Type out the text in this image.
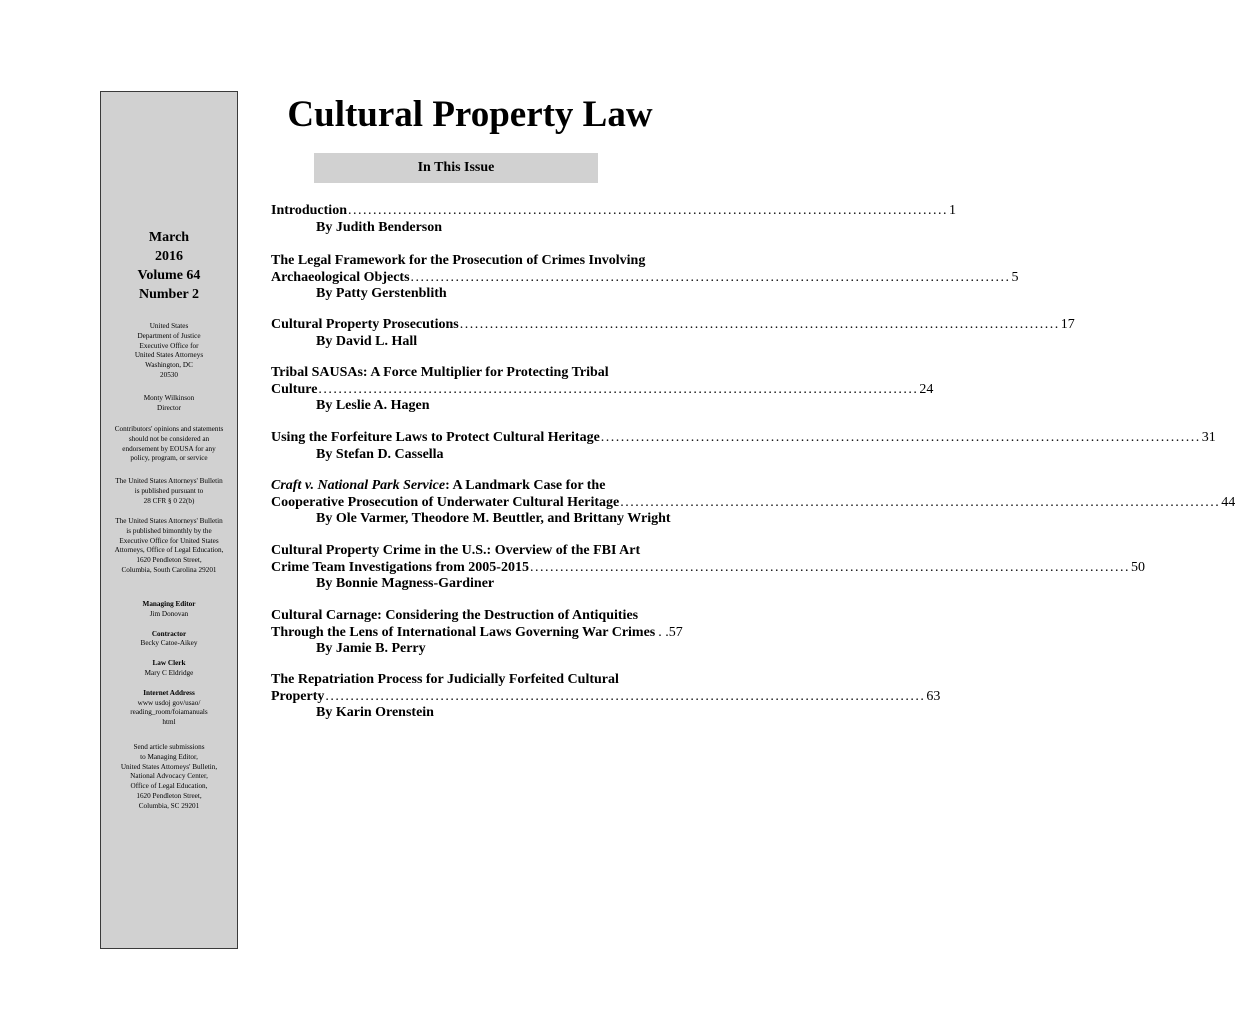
March
2016
Volume 64
Number 2
United States
Department of Justice
Executive Office for
United States Attorneys
Washington, DC
20530
Monty Wilkinson
Director
Contributors' opinions and statements
should not be considered an
endorsement by EOUSA for any
policy, program, or service
The United States Attorneys' Bulletin
is published pursuant to
28 CFR § 0 22(b)
The United States Attorneys' Bulletin
is published bimonthly by the
Executive Office for United States
Attorneys, Office of Legal Education,
1620 Pendleton Street,
Columbia, South Carolina 29201
Managing Editor
Jim Donovan
Contractor
Becky Catoe-Aikey
Law Clerk
Mary C Eldridge
Internet Address
www usdoj gov/usao/
reading_room/foiamanuals
html
Send article submissions
to Managing Editor,
United States Attorneys' Bulletin,
National Advocacy Center,
Office of Legal Education,
1620 Pendleton Street,
Columbia, SC 29201
Cultural Property Law
In This Issue
Introduction ........................................................................................................................ 1
By Judith Benderson
The Legal Framework for the Prosecution of Crimes Involving
Archaeological Objects ........................................................................................................................ 5
By Patty Gerstenblith
Cultural Property Prosecutions ........................................................................................................................ 17
By David L. Hall
Tribal SAUSAs: A Force Multiplier for Protecting Tribal
Culture ........................................................................................................................ 24
By Leslie A. Hagen
Using the Forfeiture Laws to Protect Cultural Heritage ........................................................................................................................ 31
By Stefan D. Cassella
Craft v. National Park Service: A Landmark Case for the
Cooperative Prosecution of Underwater Cultural Heritage ........................................................................................................................ 44
By Ole Varmer, Theodore M. Beuttler, and Brittany Wright
Cultural Property Crime in the U.S.: Overview of the FBI Art
Crime Team Investigations from 2005-2015 ........................................................................................................................ 50
By Bonnie Magness-Gardiner
Cultural Carnage: Considering the Destruction of Antiquities
Through the Lens of International Laws Governing War Crimes . .57
By Jamie B. Perry
The Repatriation Process for Judicially Forfeited Cultural
Property ........................................................................................................................ 63
By Karin Orenstein
